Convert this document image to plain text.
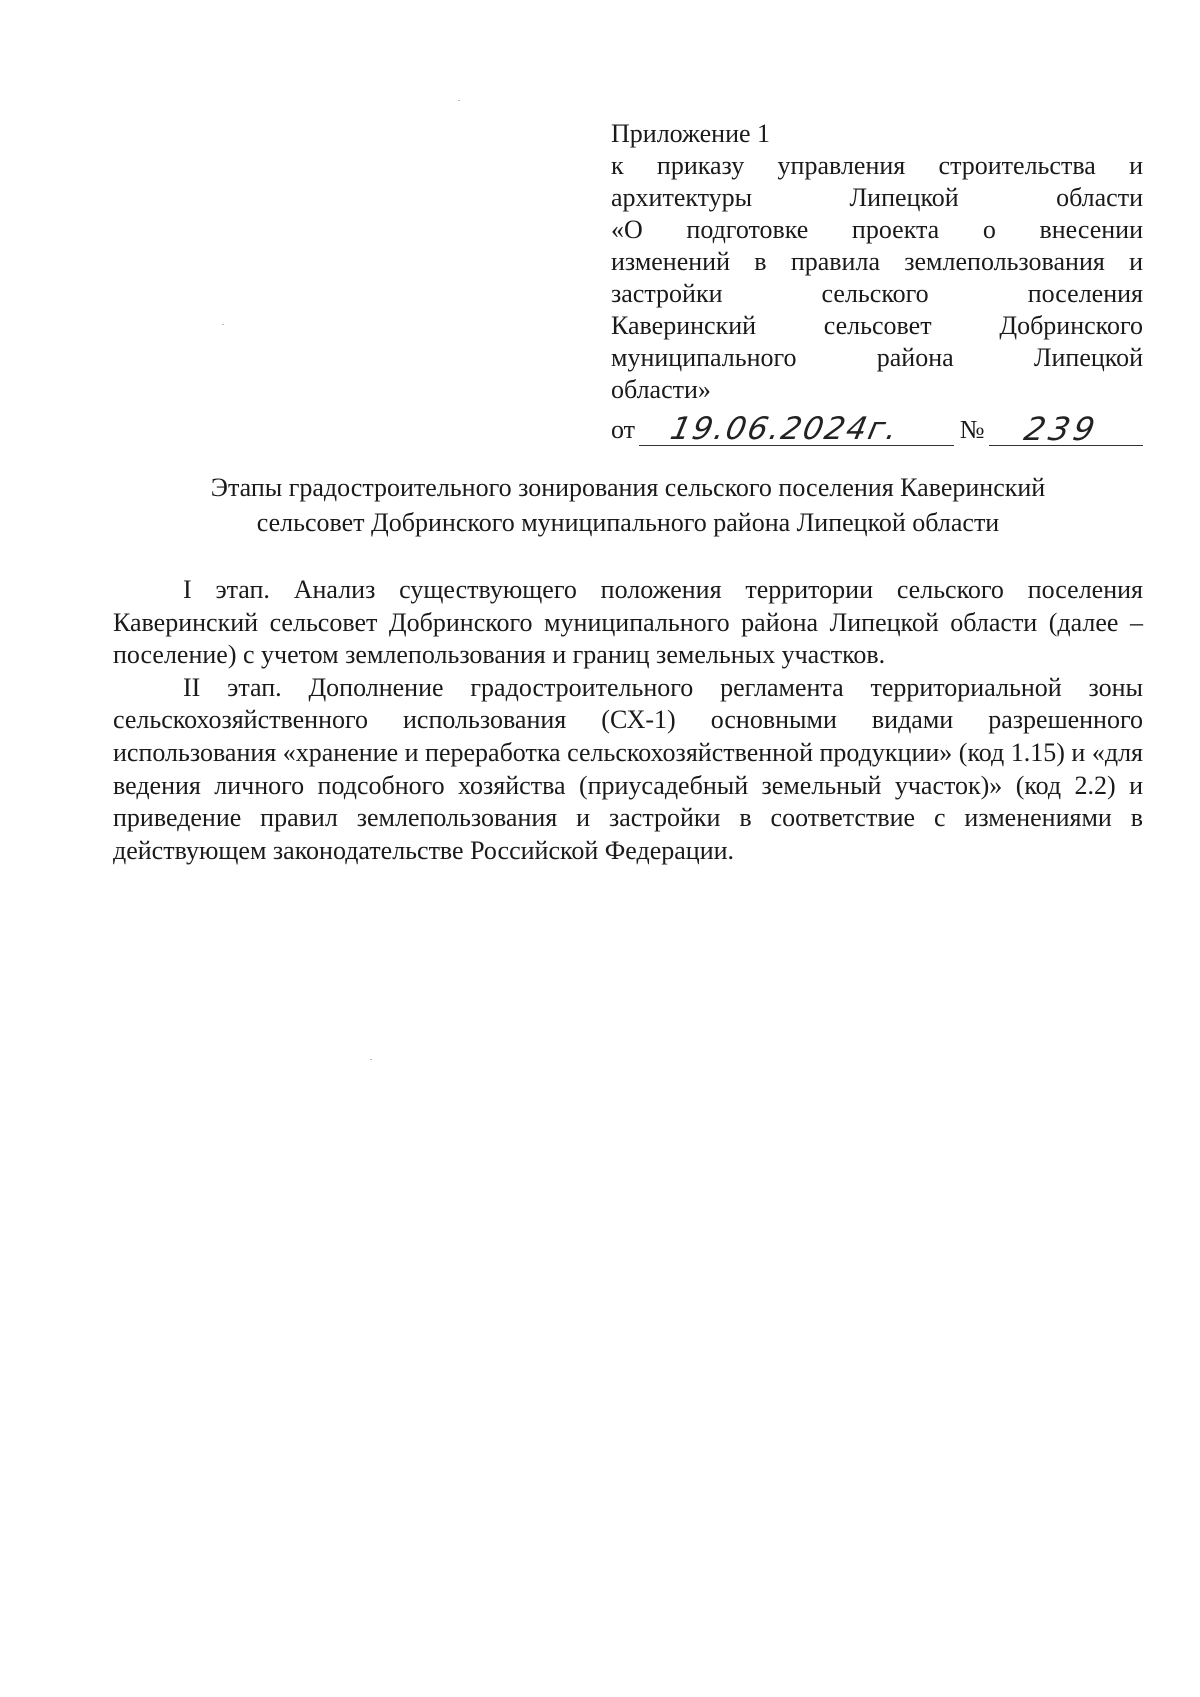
Приложение 1
к приказу управления строительства и
архитектуры Липецкой области
«О подготовке проекта о внесении
изменений в правила землепользования и
застройки сельского поселения
Каверинский сельсовет Добринского
муниципального района Липецкой
области»
от 19.06.2024г. № 239
Этапы градостроительного зонирования сельского поселения Каверинский
сельсовет Добринского муниципального района Липецкой области

I этап. Анализ существующего положения территории сельского поселения Каверинский сельсовет Добринского муниципального района Липецкой области (далее – поселение) с учетом землепользования и границ земельных участков.

II этап. Дополнение градостроительного регламента территориальной зоны сельскохозяйственного использования (СХ-1) основными видами разрешенного использования «хранение и переработка сельскохозяйственной продукции» (код 1.15) и «для ведения личного подсобного хозяйства (приусадебный земельный участок)» (код 2.2) и приведение правил землепользования и застройки в соответствие с изменениями в действующем законодательстве Российской Федерации.
